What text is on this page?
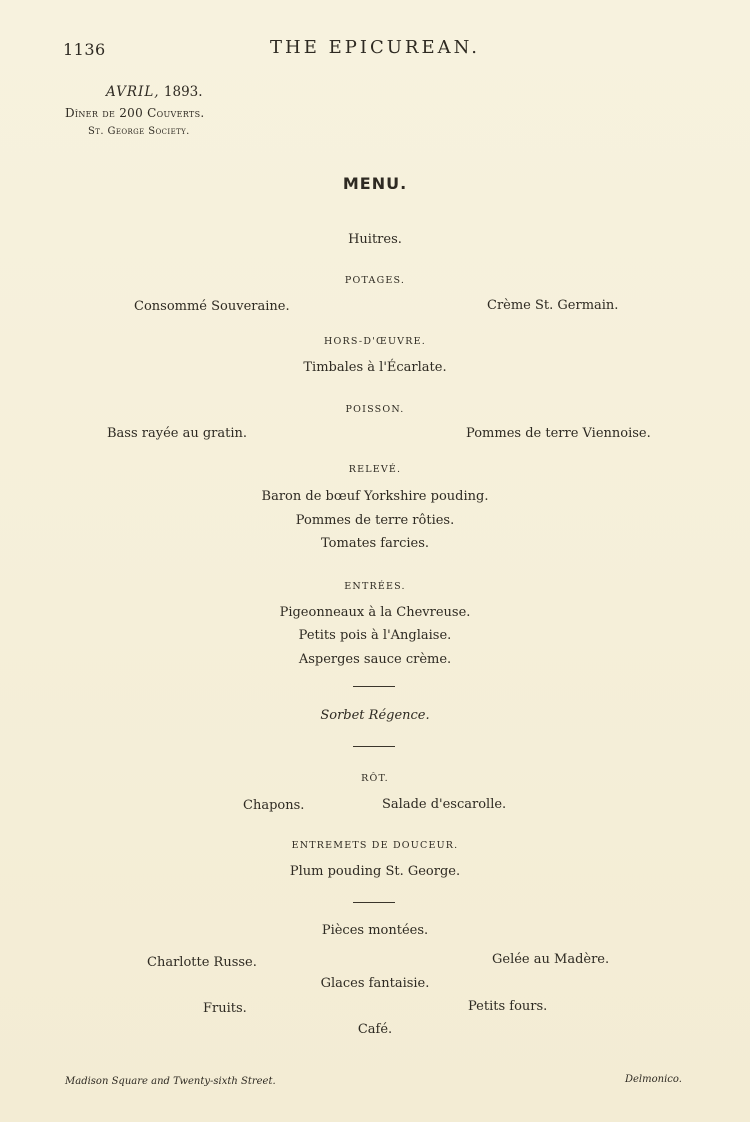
1136	THE EPICUREAN.
AVRIL, 1893.
Dîner de 200 Couverts.
St. George Society.
MENU.
Huitres.
POTAGES.
Consommé Souveraine.	Crème St. Germain.
HORS-D'ŒUVRE.
Timbales à l'Écarlate.
POISSON.
Bass rayée au gratin.	Pommes de terre Viennoise.
RELEVÉ.
Baron de bœuf Yorkshire pouding.
Pommes de terre rôties.
Tomates farcies.
ENTRÉES.
Pigeonneaux à la Chevreuse.
Petits pois à l'Anglaise.
Asperges sauce crème.
Sorbet Régence.
RÔT.
Chapons.	Salade d'escarolle.
ENTREMETS DE DOUCEUR.
Plum pouding St. George.
Pièces montées.
Charlotte Russe.	Gelée au Madère.
Glaces fantaisie.
Fruits.	Petits fours.
Café.
Madison Square and Twenty-sixth Street.	Delmonico.
